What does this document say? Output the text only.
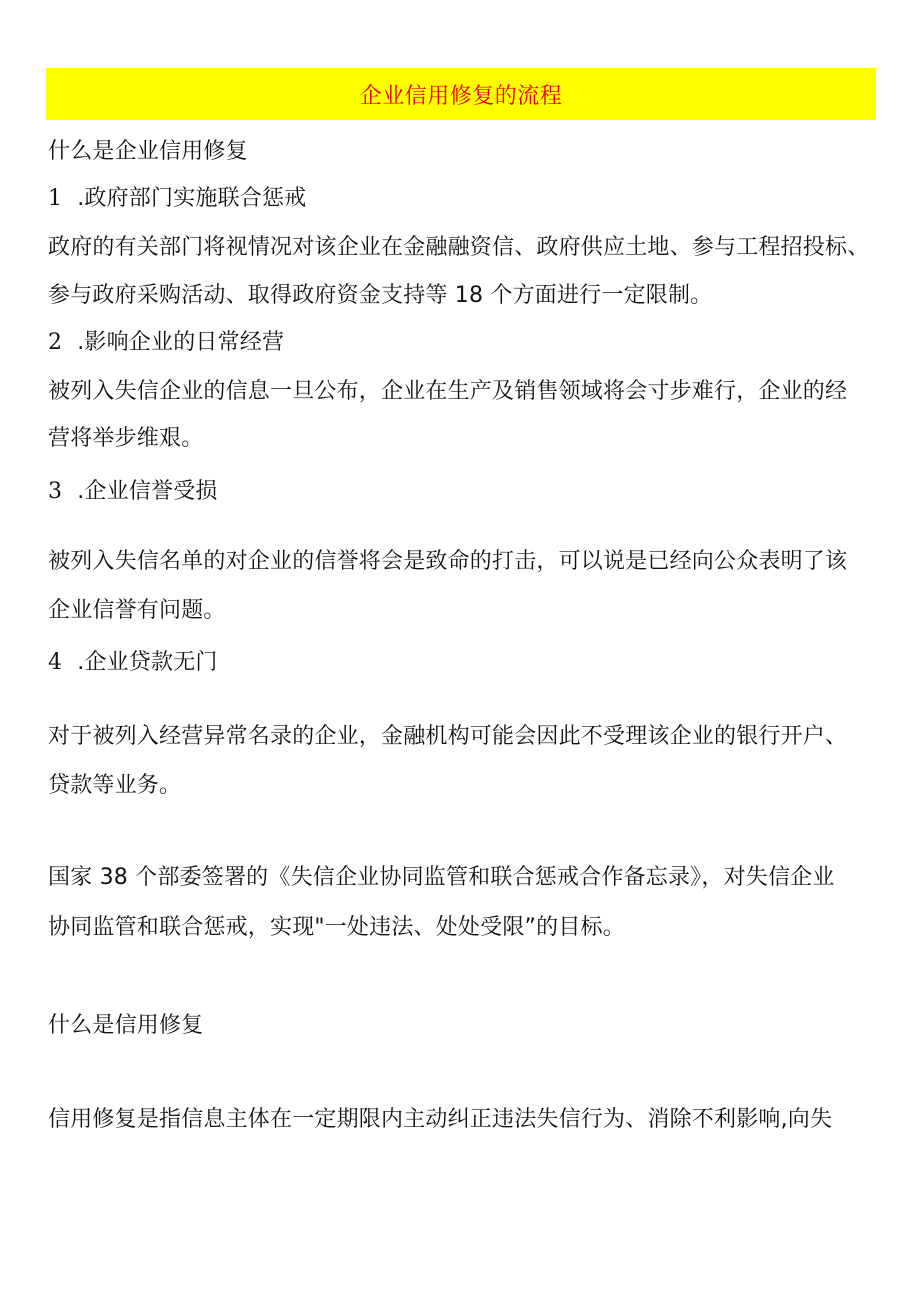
企业信用修复的流程
什么是企业信用修复
1 .政府部门实施联合惩戒
政府的有关部门将视情况对该企业在金融融资信、政府供应土地、参与工程招投标、
参与政府采购活动、取得政府资金支持等 18 个方面进行一定限制。
2 .影响企业的日常经营
被列入失信企业的信息一旦公布，企业在生产及销售领域将会寸步难行，企业的经
营将举步维艰。
3 .企业信誉受损
被列入失信名单的对企业的信誉将会是致命的打击，可以说是已经向公众表明了该
企业信誉有问题。
4 .企业贷款无门
对于被列入经营异常名录的企业，金融机构可能会因此不受理该企业的银行开户、
贷款等业务。
国家 38 个部委签署的《失信企业协同监管和联合惩戒合作备忘录》，对失信企业
协同监管和联合惩戒，实现"一处违法、处处受限”的目标。
什么是信用修复
信用修复是指信息主体在一定期限内主动纠正违法失信行为、消除不利影响,向失
